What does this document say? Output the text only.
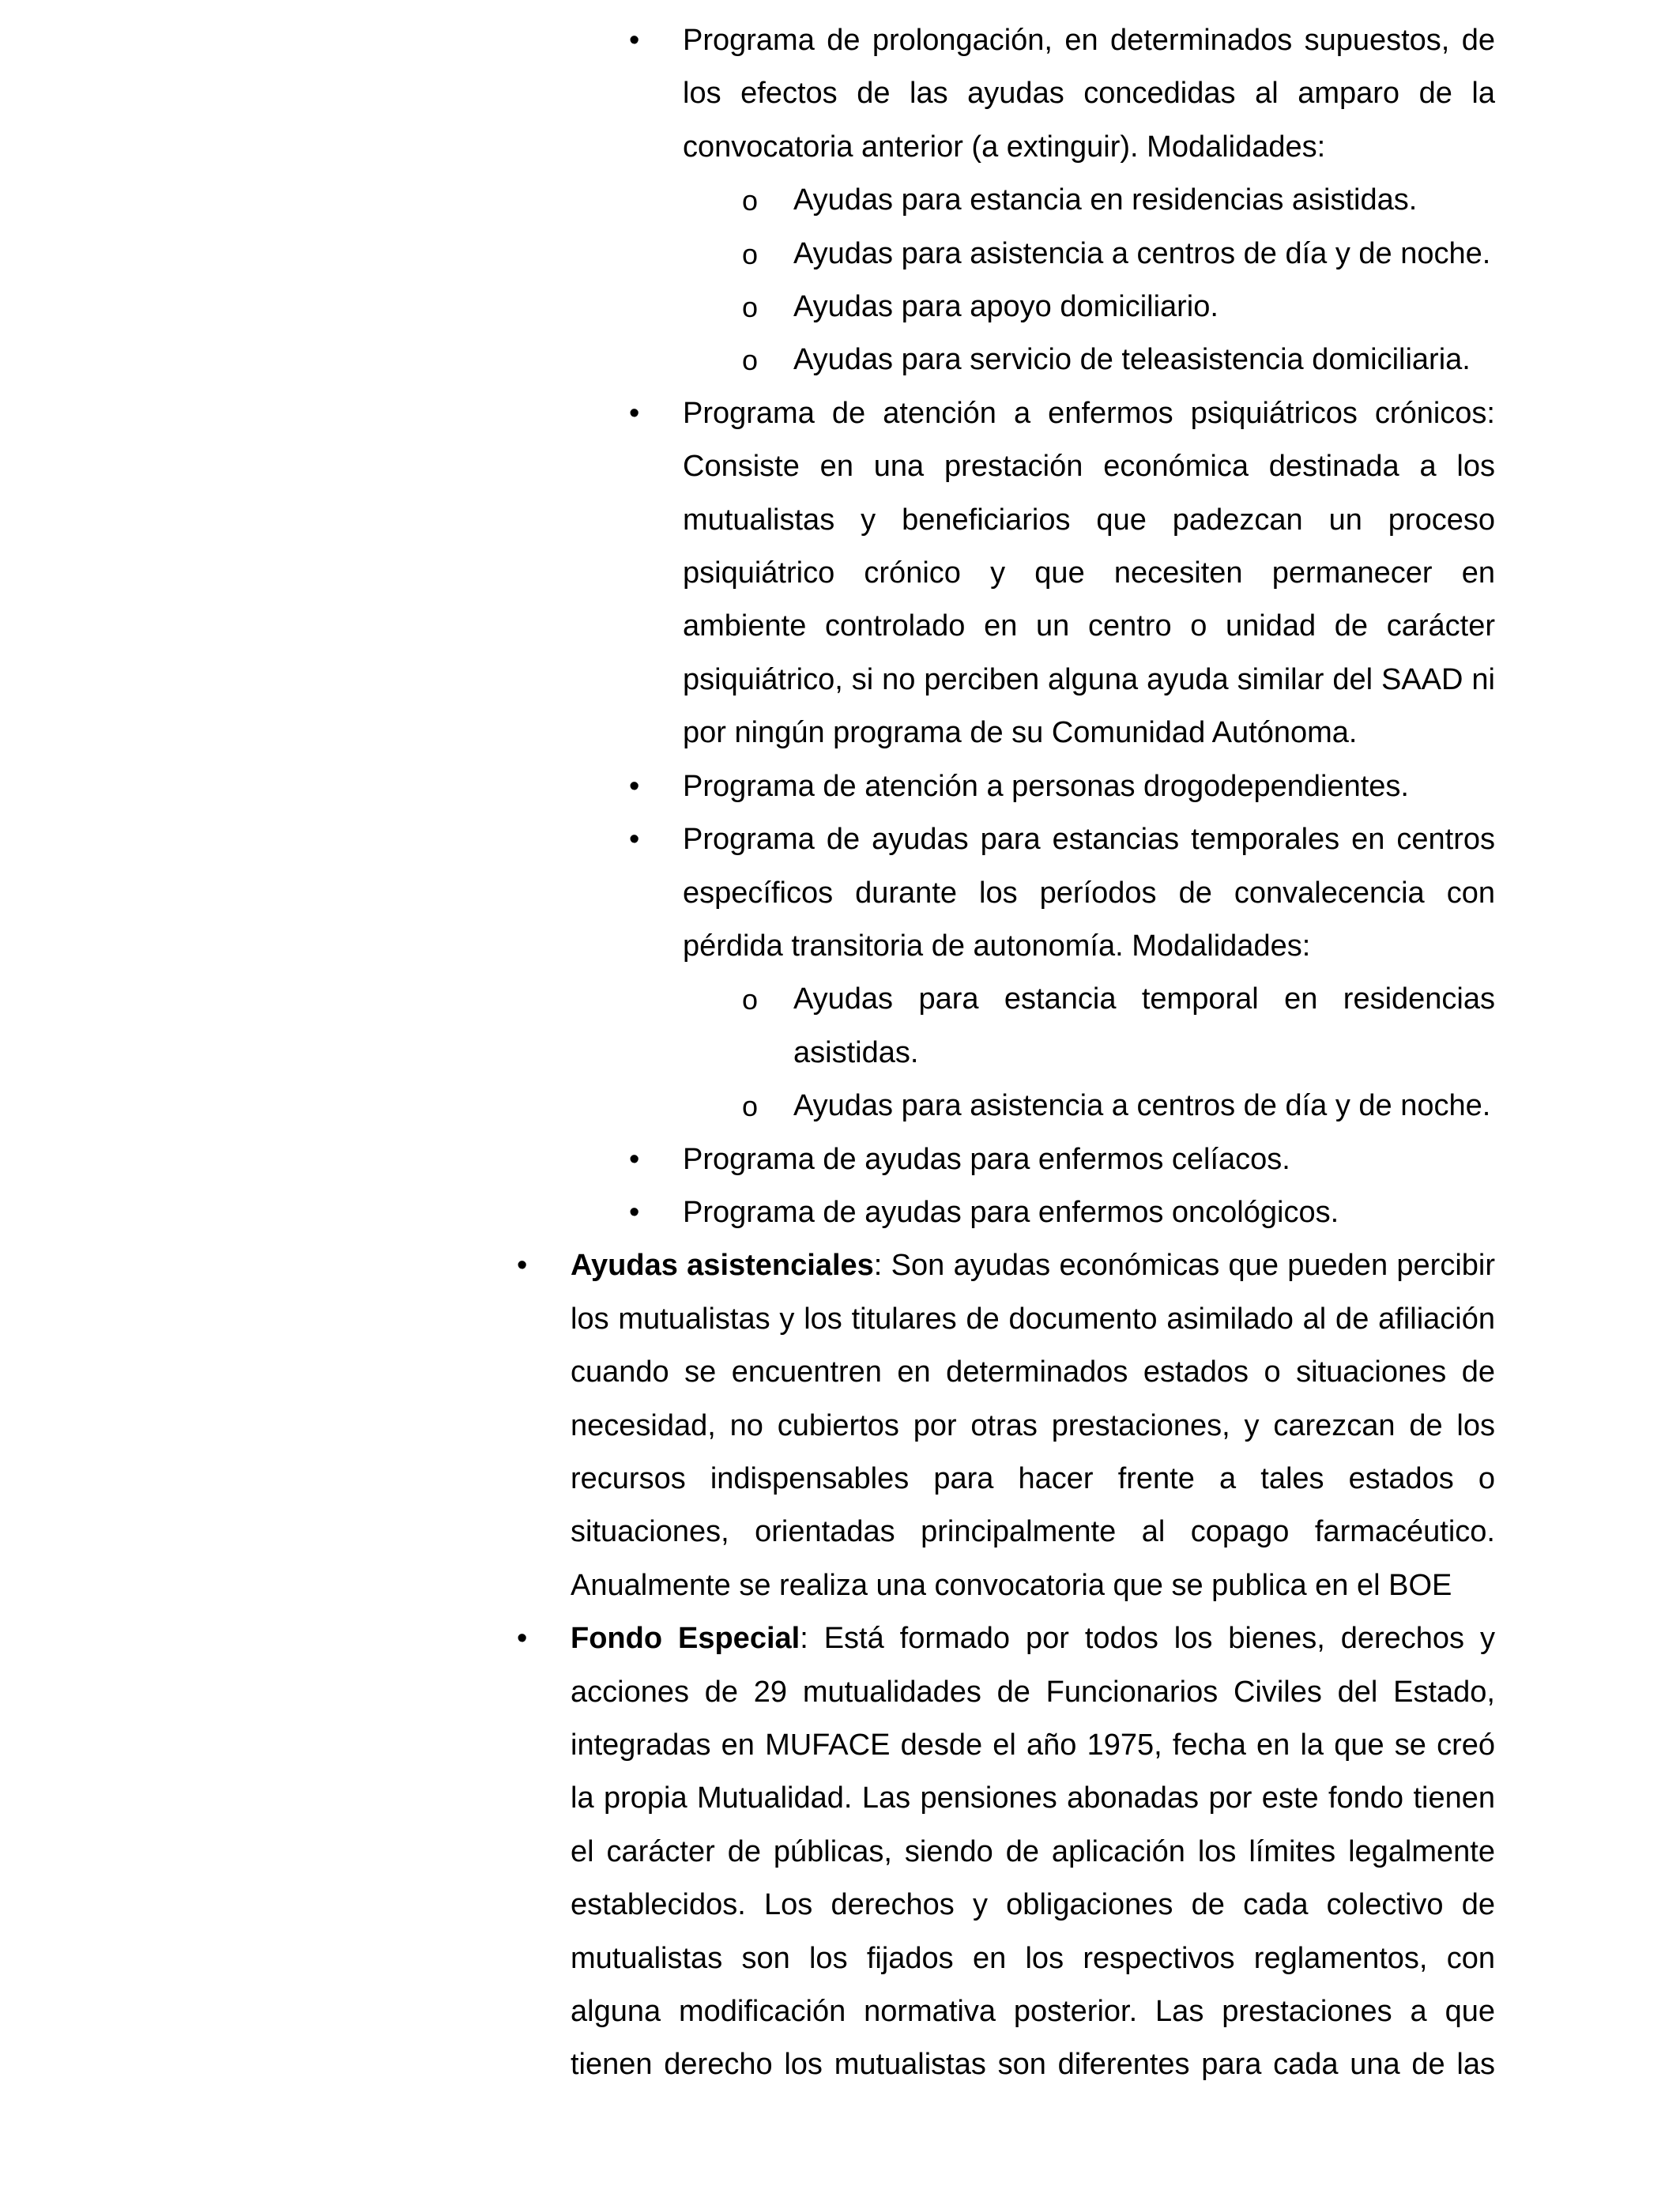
• Programa de prolongación, en determinados supuestos, de los efectos de las ayudas concedidas al amparo de la convocatoria anterior (a extinguir). Modalidades:

o Ayudas para estancia en residencias asistidas.

o Ayudas para asistencia a centros de día y de noche.

o Ayudas para apoyo domiciliario.

o Ayudas para servicio de teleasistencia domiciliaria.

• Programa de atención a enfermos psiquiátricos crónicos: Consiste en una prestación económica destinada a los mutualistas y beneficiarios que padezcan un proceso psiquiátrico crónico y que necesiten permanecer en ambiente controlado en un centro o unidad de carácter psiquiátrico, si no perciben alguna ayuda similar del SAAD ni por ningún programa de su Comunidad Autónoma.

• Programa de atención a personas drogodependientes.

• Programa de ayudas para estancias temporales en centros específicos durante los períodos de convalecencia con pérdida transitoria de autonomía. Modalidades:

o Ayudas para estancia temporal en residencias asistidas.

o Ayudas para asistencia a centros de día y de noche.

• Programa de ayudas para enfermos celíacos.

• Programa de ayudas para enfermos oncológicos.

• Ayudas asistenciales: Son ayudas económicas que pueden percibir los mutualistas y los titulares de documento asimilado al de afiliación cuando se encuentren en determinados estados o situaciones de necesidad, no cubiertos por otras prestaciones, y carezcan de los recursos indispensables para hacer frente a tales estados o situaciones, orientadas principalmente al copago farmacéutico. Anualmente se realiza una convocatoria que se publica en el BOE

• Fondo Especial: Está formado por todos los bienes, derechos y acciones de 29 mutualidades de Funcionarios Civiles del Estado, integradas en MUFACE desde el año 1975, fecha en la que se creó la propia Mutualidad. Las pensiones abonadas por este fondo tienen el carácter de públicas, siendo de aplicación los límites legalmente establecidos. Los derechos y obligaciones de cada colectivo de mutualistas son los fijados en los respectivos reglamentos, con alguna modificación normativa posterior. Las prestaciones a que tienen derecho los mutualistas son diferentes para cada una de las
